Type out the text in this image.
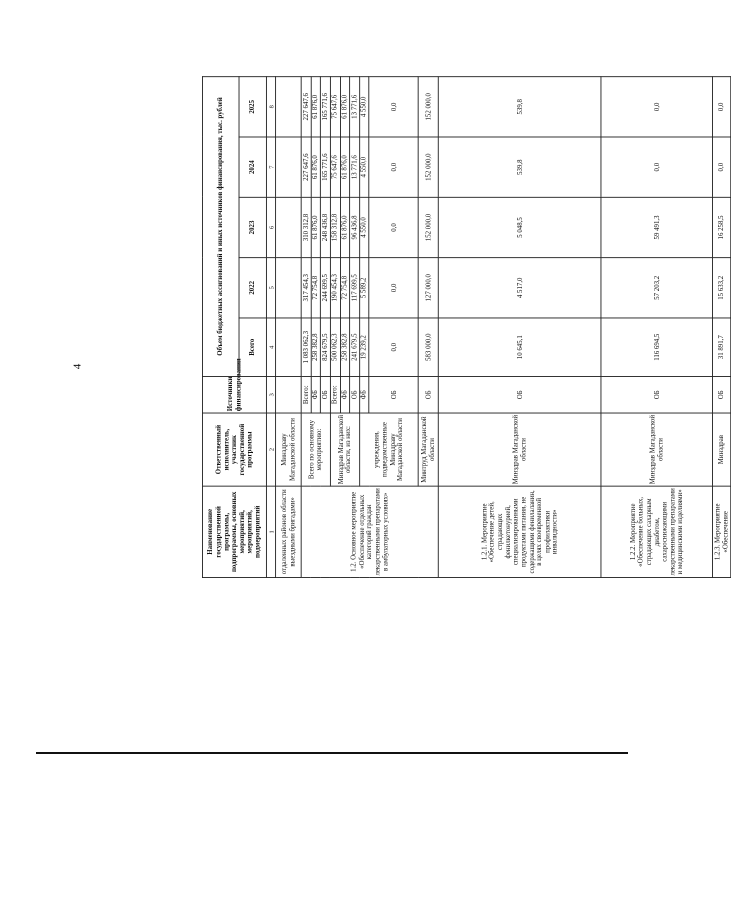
4
Наименование государственной программы, подпрограммы, основных мероприятий, мероприятий, подмероприятий	Ответственный исполнитель, участник государственной программы	Источники финансирования	Объем бюджетных ассигнований и иных источников финансирования, тыс. рублей				
			Всего	2022	2023	2024	2025
1	2	3	4	5	6	7	8
отдаленных районов области выездными бригадами»	Минздраву Магаданской области						
1.2. Основное мероприятие «Обеспечение отдельных категорий граждан лекарственными препаратами в амбулаторных условиях»	Всего по основному мероприятию:	Всего:	1 083 062,3	317 454,3	310 312,8	227 647,6	227 647,6
		ФБ	258 382,8	72 754,8	61 876,0	61 876,0	61 876,0
		ОБ	824 679,5	244 699,5	248 436,8	165 771,6	165 771,6
	Минздрав Магаданской области, из них:	Всего:	500 062,3	190 454,3	158 312,8	75 647,6	75 647,6
		ФБ	258 382,8	72 754,8	61 876,0	61 876,0	61 876,0
		ОБ	241 679,5	117 699,5	96 436,8	13 771,6	13 771,6
	учреждения, подведомственные Минздраву Магаданской области	ФБ	19 239,2	5 589,2	4 550,0	4 550,0	4 550,0
		ОБ	0,0	0,0	0,0	0,0	0,0
	Минтруд Магаданской области	ОБ	583 000,0	127 000,0	152 000,0	152 000,0	152 000,0
1.2.1. Мероприятие «Обеспечение детей, страдающих фенилкетонурией, специализированными продуктами питания, не содержащими фенилаланин, в целях своевременной профилактики инвалидности»	Минздрав Магаданской области	ОБ	10 645,1	4 517,0	5 048,5	539,8	539,8
1.2.2. Мероприятие «Обеспечение больных, страдающих сахарным диабетом, сахароснижающими лекарственными препаратами и медицинскими изделиями»	Минздрав Магаданской области	ОБ	116 694,5	57 203,2	59 491,3	0,0	0,0
1.2.3. Мероприятие «Обеспечение	Минздрав	ОБ	31 891,7	15 633,2	16 258,5	0,0	0,0
